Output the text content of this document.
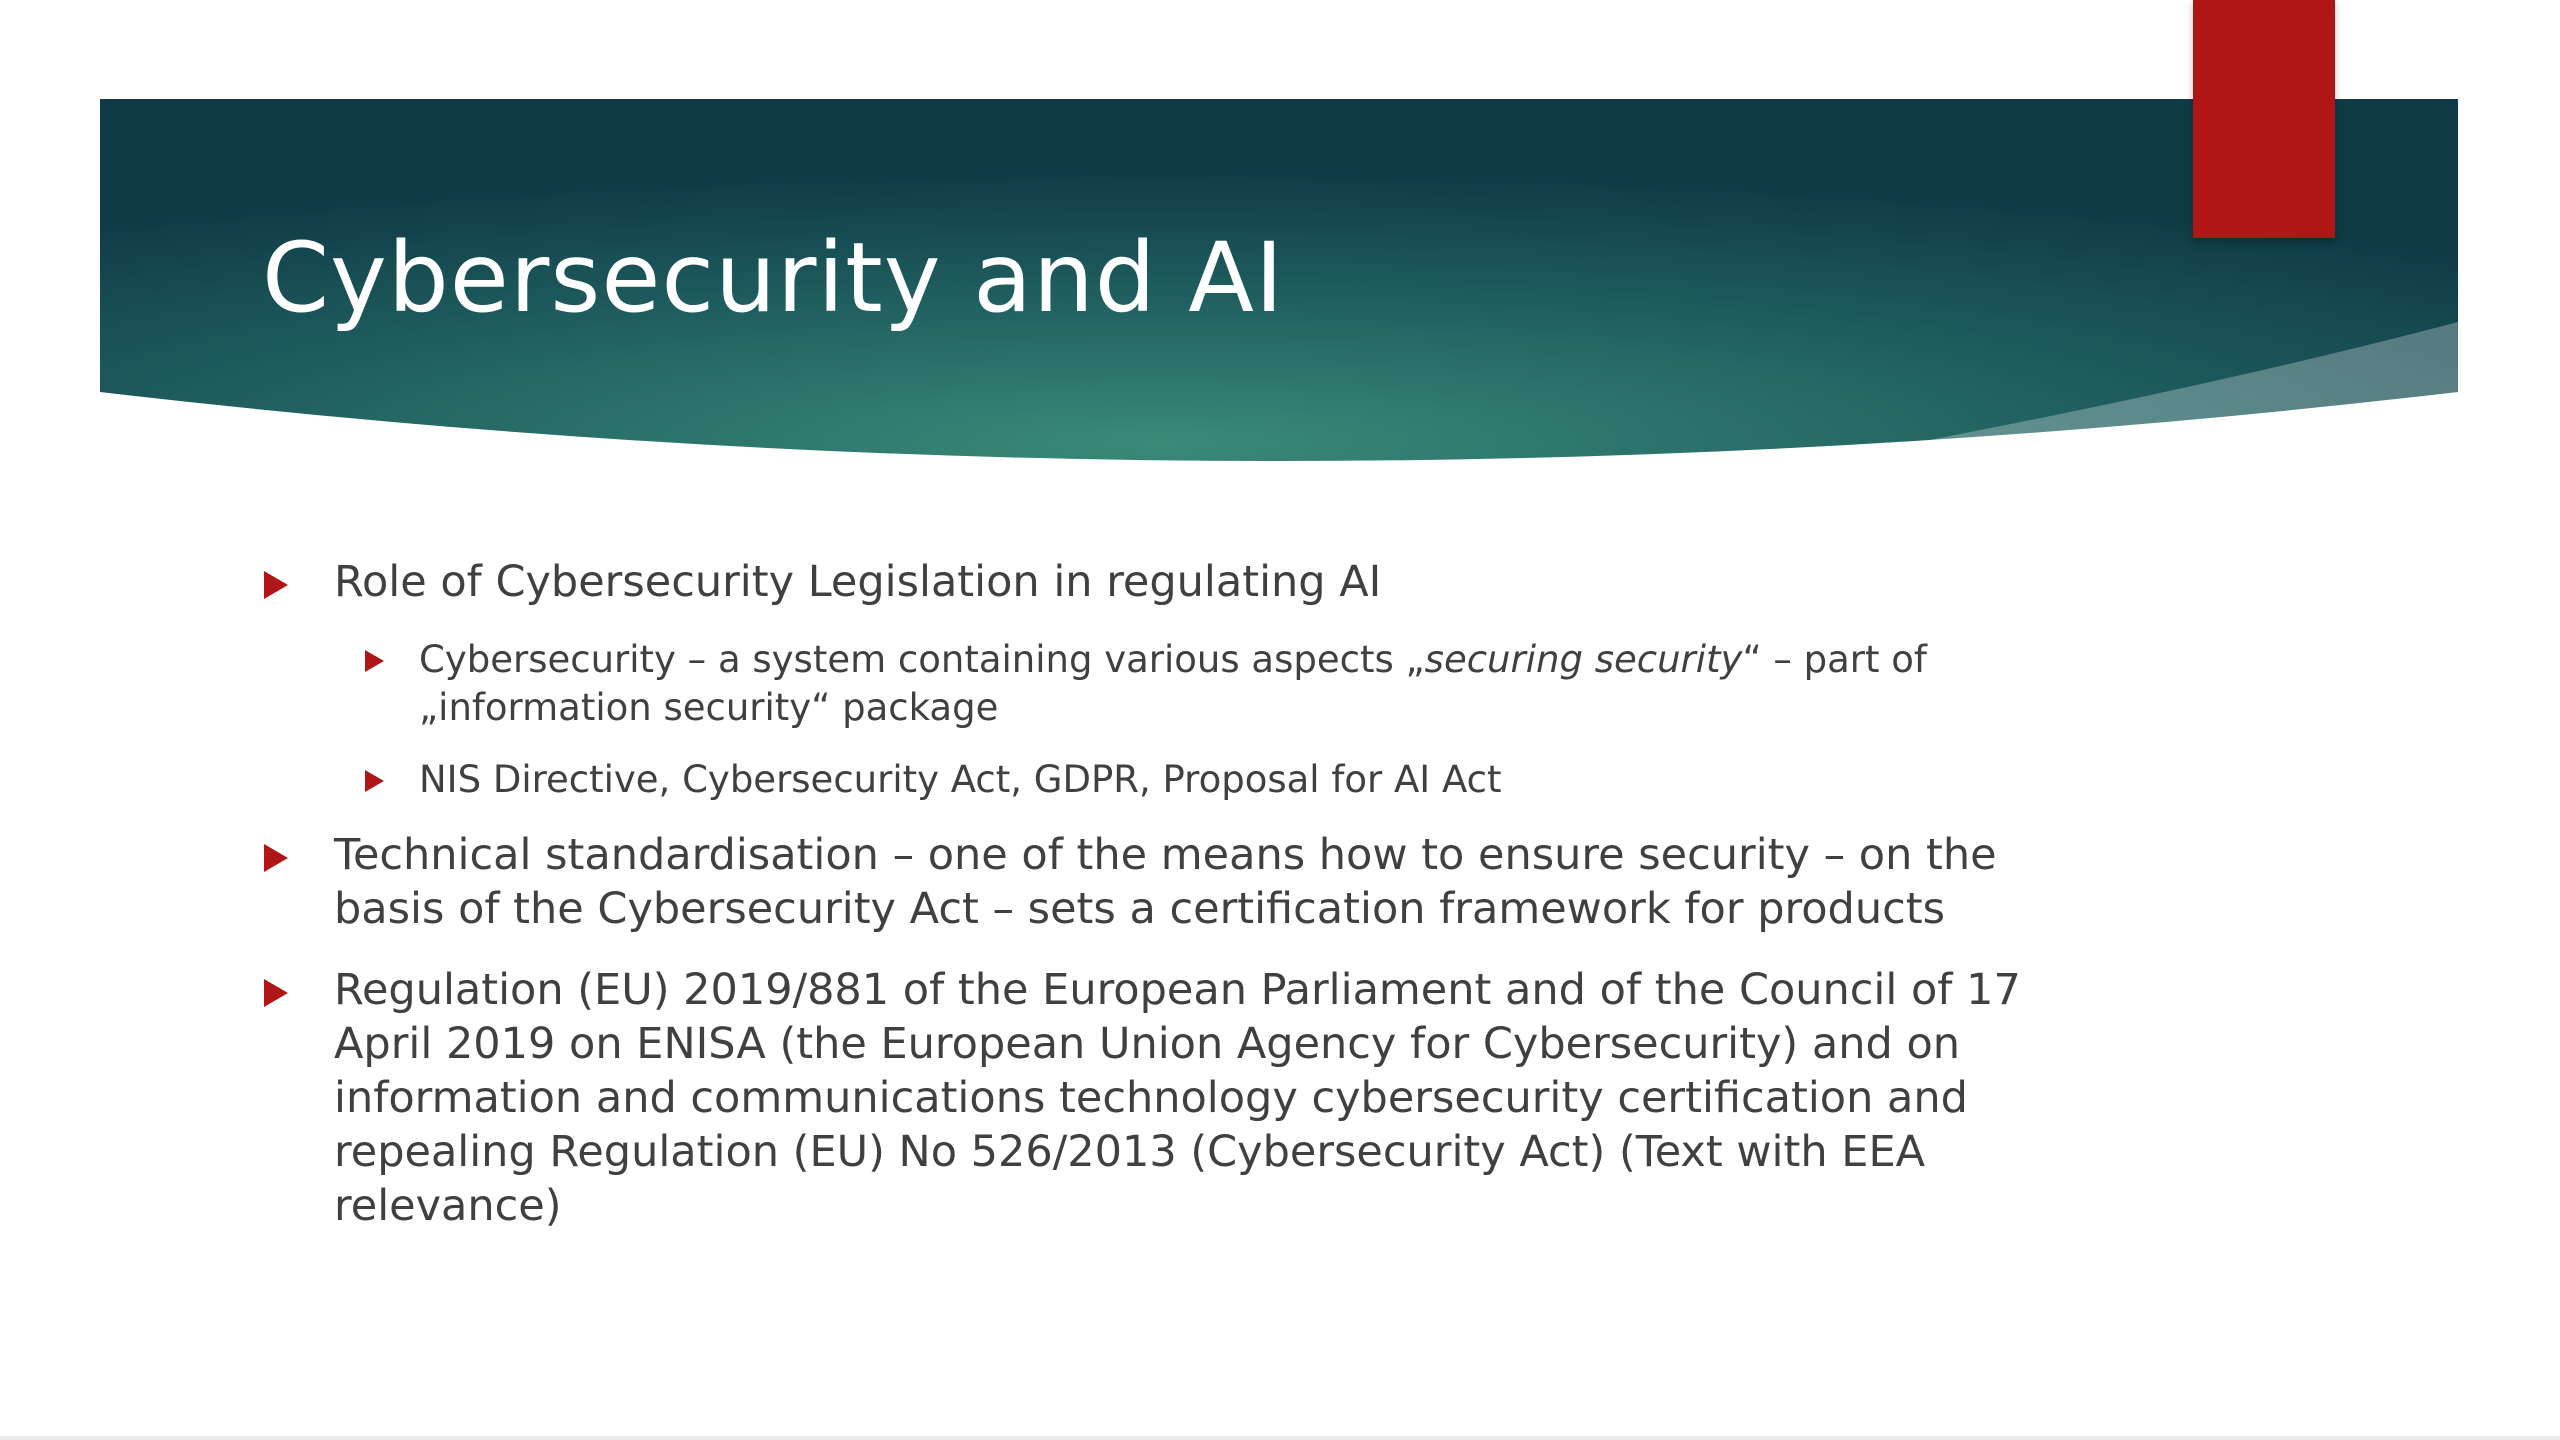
Cybersecurity and AI
Role of Cybersecurity Legislation in regulating AI
Cybersecurity – a system containing various aspects „securing security“ – part of „information security“ package
NIS Directive, Cybersecurity Act, GDPR, Proposal for AI Act
Technical standardisation – one of the means how to ensure security – on the basis of the Cybersecurity Act – sets a certification framework for products
Regulation (EU) 2019/881 of the European Parliament and of the Council of 17 April 2019 on ENISA (the European Union Agency for Cybersecurity) and on information and communications technology cybersecurity certification and repealing Regulation (EU) No 526/2013 (Cybersecurity Act) (Text with EEA relevance)
